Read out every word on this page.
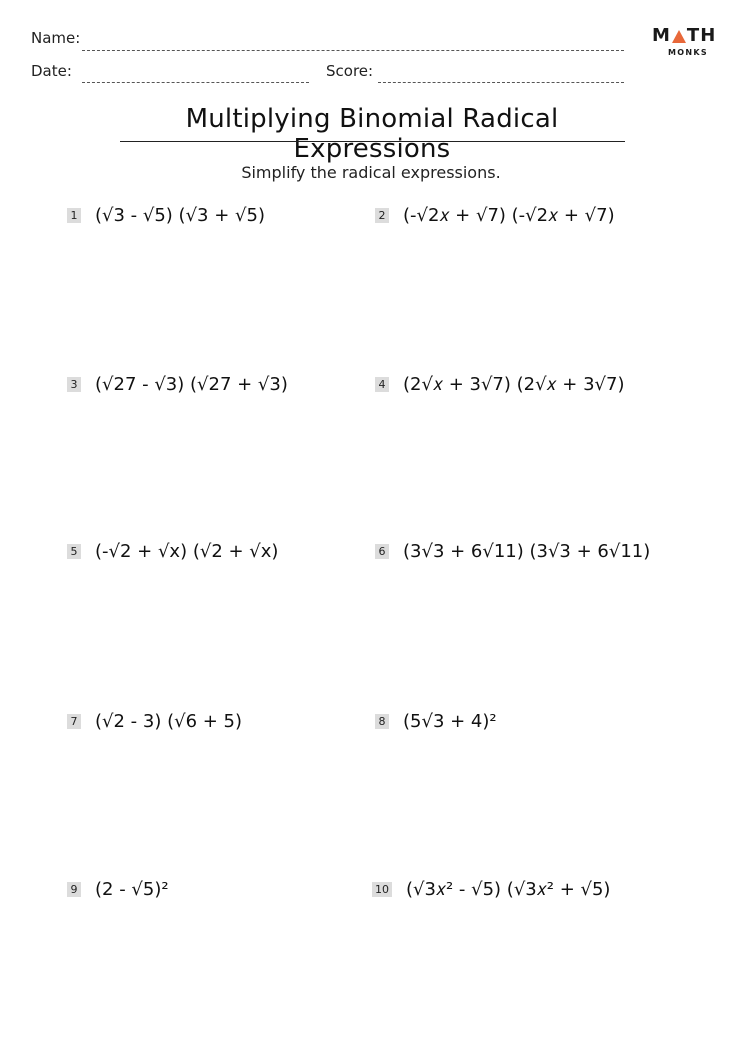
Name:
Date:	Score:
M TH
MONKS
Multiplying Binomial Radical Expressions
Simplify the radical expressions.
1 (√3 - √5) (√3 + √5)	2 (-√2𝑥 + √7) (-√2𝑥 + √7)
3 (√27 - √3) (√27 + √3)	4 (2√𝑥 + 3√7) (2√𝑥 + 3√7)
5 (-√2 + √x) (√2 + √x)	6 (3√3 + 6√11) (3√3 + 6√11)
7 (√2 - 3) (√6 + 5)	8 (5√3 + 4)²
9 (2 - √5)²	10 (√3𝑥² - √5) (√3𝑥² + √5)
